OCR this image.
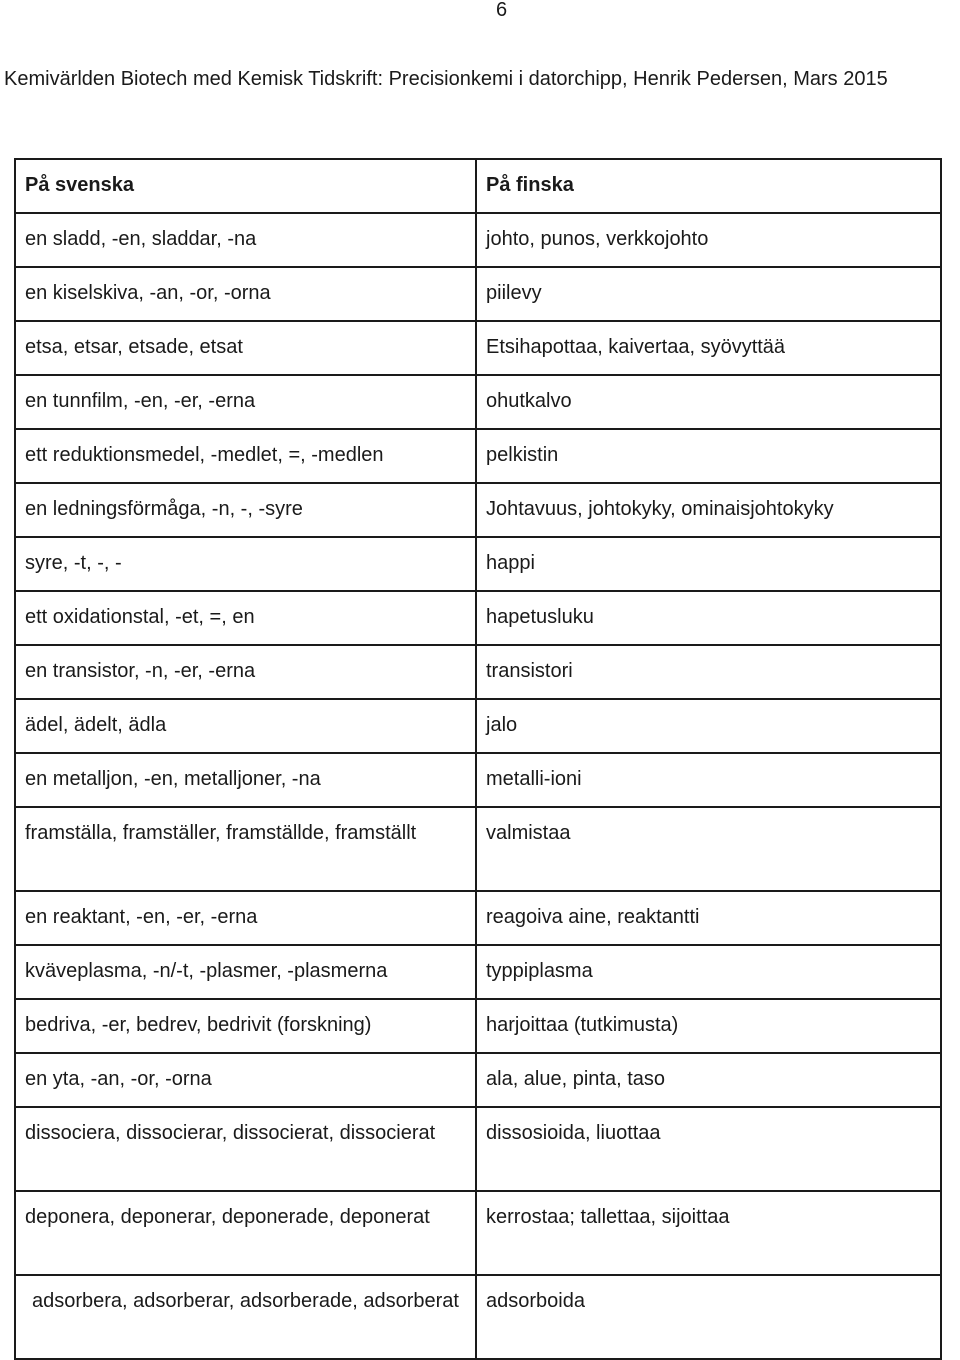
6
Kemivärlden Biotech med Kemisk Tidskrift: Precisionkemi i datorchipp, Henrik Pedersen, Mars 2015
På svenska	På finska
en sladd, -en, sladdar, -na	johto, punos, verkkojohto
en kiselskiva, -an, -or, -orna	piilevy
etsa, etsar, etsade, etsat	Etsihapottaa, kaivertaa, syövyttää
en tunnfilm, -en, -er, -erna	ohutkalvo
ett reduktionsmedel, -medlet, =, -medlen	pelkistin
en ledningsförmåga, -n, -, -syre	Johtavuus, johtokyky, ominaisjohtokyky
syre, -t, -, -	happi
ett oxidationstal, -et, =, en	hapetusluku
en transistor, -n, -er, -erna	transistori
ädel, ädelt, ädla	jalo
en metalljon, -en, metalljoner, -na	metalli-ioni
framställa, framställer, framställde, framställt	valmistaa
en reaktant, -en, -er, -erna	reagoiva aine, reaktantti
kväveplasma, -n/-t, -plasmer, -plasmerna	typpiplasma
bedriva, -er, bedrev, bedrivit (forskning)	harjoittaa (tutkimusta)
en yta, -an, -or, -orna	ala, alue, pinta, taso
dissociera, dissocierar, dissocierat, dissocierat	dissosioida, liuottaa
deponera, deponerar, deponerade, deponerat	kerrostaa; tallettaa, sijoittaa
adsorbera, adsorberar, adsorberade, adsorberat	adsorboida
